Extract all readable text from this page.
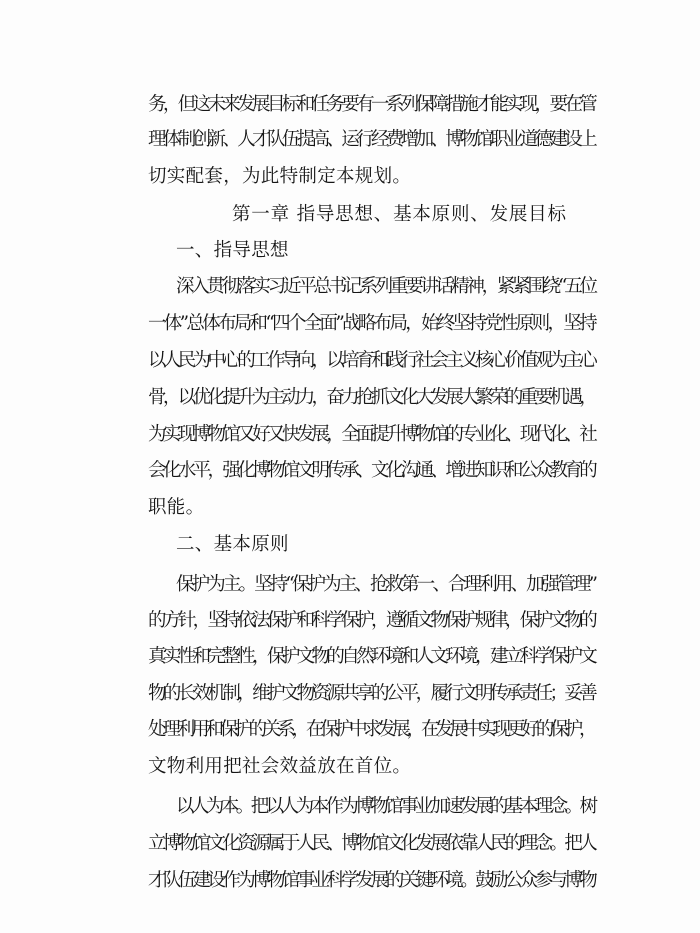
务，但这未来发展目标和任务要有一系列保障措施才能实现，要在管
理体制创新、人才队伍提高、运行经费增加、博物馆职业道德建设上
切实配套，为此特制定本规划。
第一章 指导思想、基本原则、发展目标
一、指导思想
深入贯彻落实习近平总书记系列重要讲话精神，紧紧围绕“五位
一体”总体布局和“四个全面”战略布局，始终坚持党性原则，坚持
以人民为中心的工作导向，以培育和践行社会主义核心价值观为主心
骨，以优化提升为主动力，奋力抢抓文化大发展大繁荣的重要机遇，
为实现博物馆又好又快发展，全面提升博物馆的专业化、现代化、社
会化水平，强化博物馆文明传承、文化沟通、增进知识和公众教育的
职能。
二、基本原则
保护为主。坚持“保护为主、抢救第一、合理利用、加强管理”
的方针，坚持依法保护和科学保护，遵循文物保护规律，保护文物的
真实性和完整性，保护文物的自然环境和人文环境，建立科学保护文
物的长效机制，维护文物资源共享的公平，履行文明传承责任；妥善
处理利用和保护的关系，在保护中求发展，在发展中实现更好的保护，
文物利用把社会效益放在首位。
以人为本。把以人为本作为博物馆事业加速发展的基本理念。树
立博物馆文化资源属于人民、博物馆文化发展依靠人民的理念。把人
才队伍建设作为博物馆事业科学发展的关键环境。鼓励公众参与博物
